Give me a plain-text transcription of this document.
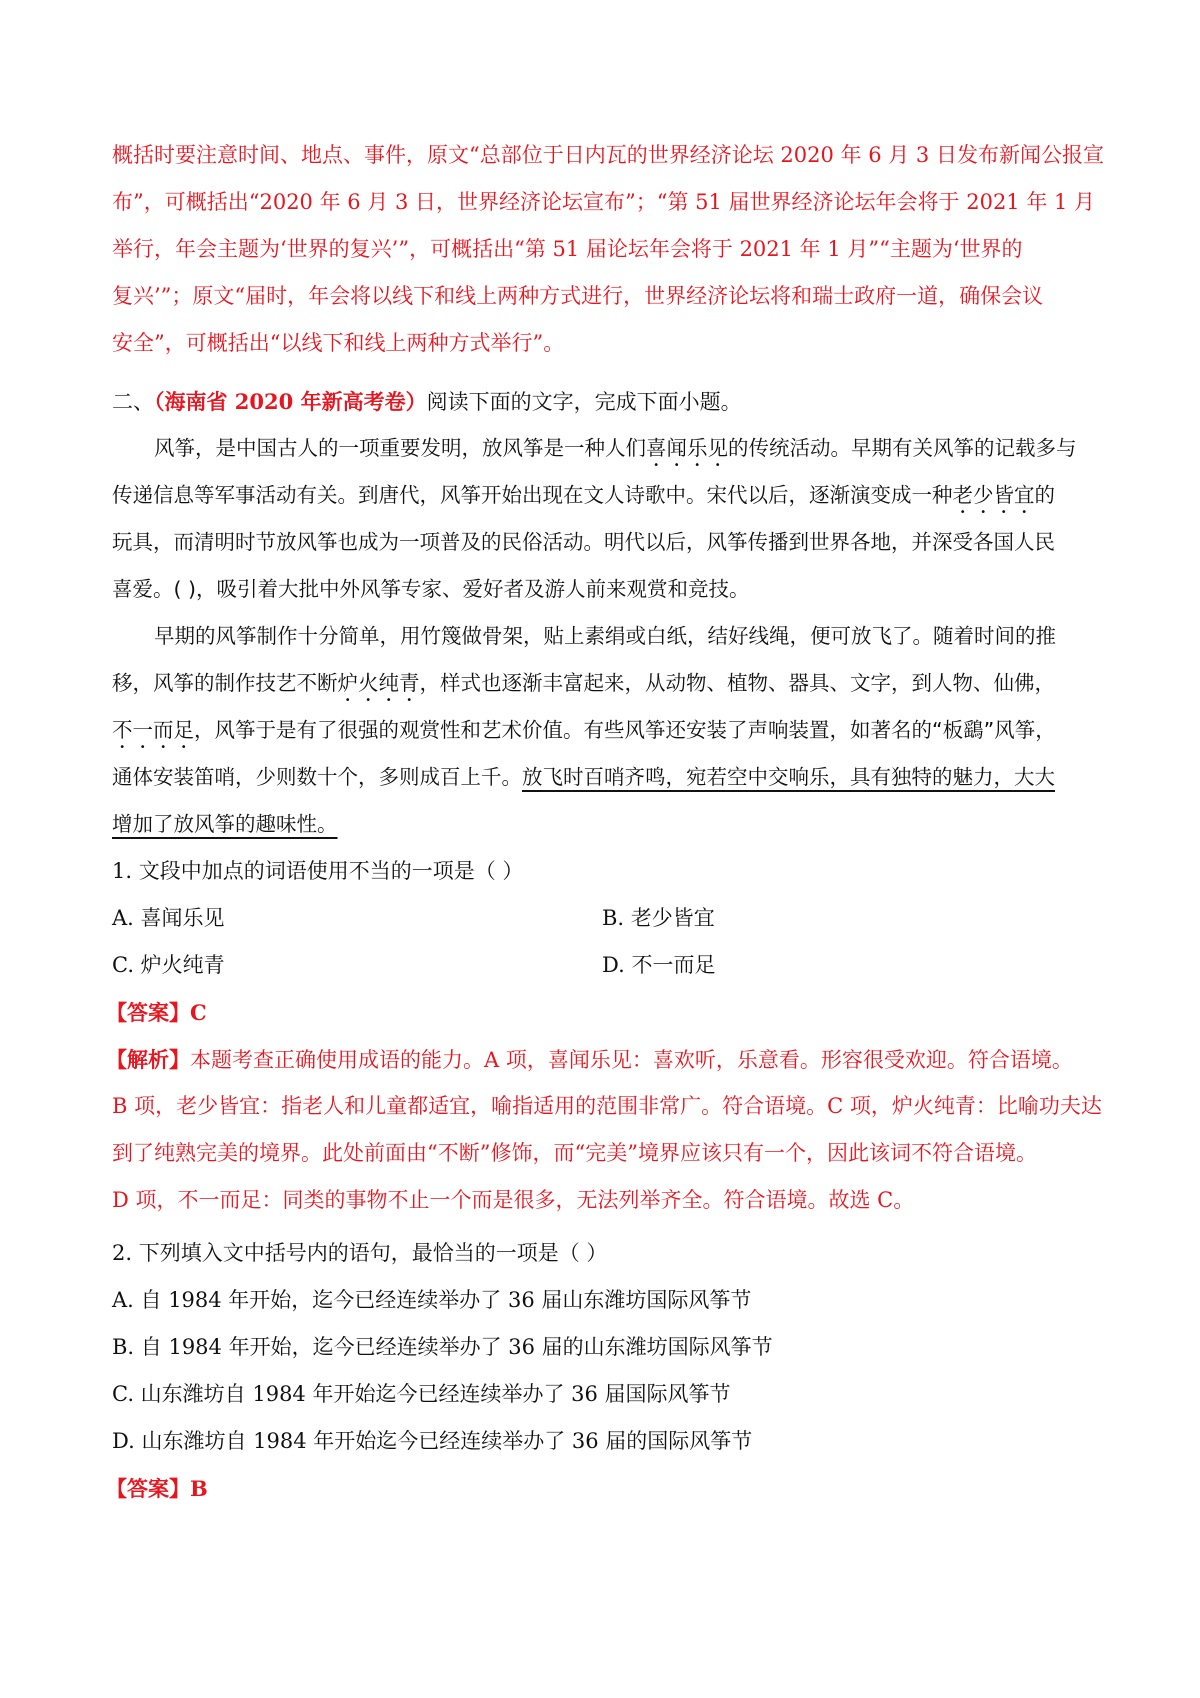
概括时要注意时间、地点、事件，原文“总部位于日内瓦的世界经济论坛 2020 年 6 月 3 日发布新闻公报宣
布”，可概括出“2020 年 6 月 3 日，世界经济论坛宣布”；“第 51 届世界经济论坛年会将于 2021 年 1 月
举行，年会主题为‘世界的复兴’”，可概括出“第 51 届论坛年会将于 2021 年 1 月”“主题为‘世界的
复兴’”；原文“届时，年会将以线下和线上两种方式进行，世界经济论坛将和瑞士政府一道，确保会议
安全”，可概括出“以线下和线上两种方式举行”。
二、（海南省 2020 年新高考卷）阅读下面的文字，完成下面小题。
风筝，是中国古人的一项重要发明，放风筝是一种人们喜闻乐见的传统活动。早期有关风筝的记载多与
传递信息等军事活动有关。到唐代，风筝开始出现在文人诗歌中。宋代以后，逐渐演变成一种老少皆宜的
玩具，而清明时节放风筝也成为一项普及的民俗活动。明代以后，风筝传播到世界各地，并深受各国人民
喜爱。( )，吸引着大批中外风筝专家、爱好者及游人前来观赏和竞技。
早期的风筝制作十分简单，用竹篾做骨架，贴上素绢或白纸，结好线绳，便可放飞了。随着时间的推
移，风筝的制作技艺不断炉火纯青，样式也逐渐丰富起来，从动物、植物、器具、文字，到人物、仙佛，
不一而足，风筝于是有了很强的观赏性和艺术价值。有些风筝还安装了声响装置，如著名的“板鷂”风筝，
通体安装笛哨，少则数十个，多则成百上千。放飞时百哨齐鸣，宛若空中交响乐，具有独特的魅力，大大
增加了放风筝的趣味性。
1. 文段中加点的词语使用不当的一项是（ ）
A. 喜闻乐见	B. 老少皆宜
C. 炉火纯青	D. 不一而足
【答案】C
【解析】本题考查正确使用成语的能力。A 项，喜闻乐见：喜欢听，乐意看。形容很受欢迎。符合语境。
B 项，老少皆宜：指老人和儿童都适宜，喻指适用的范围非常广。符合语境。C 项，炉火纯青：比喻功夫达
到了纯熟完美的境界。此处前面由“不断”修饰，而“完美”境界应该只有一个，因此该词不符合语境。
D 项，不一而足：同类的事物不止一个而是很多，无法列举齐全。符合语境。故选 C。
2. 下列填入文中括号内的语句，最恰当的一项是（ ）
A. 自 1984 年开始，迄今已经连续举办了 36 届山东潍坊国际风筝节
B. 自 1984 年开始，迄今已经连续举办了 36 届的山东潍坊国际风筝节
C. 山东潍坊自 1984 年开始迄今已经连续举办了 36 届国际风筝节
D. 山东潍坊自 1984 年开始迄今已经连续举办了 36 届的国际风筝节
【答案】B
